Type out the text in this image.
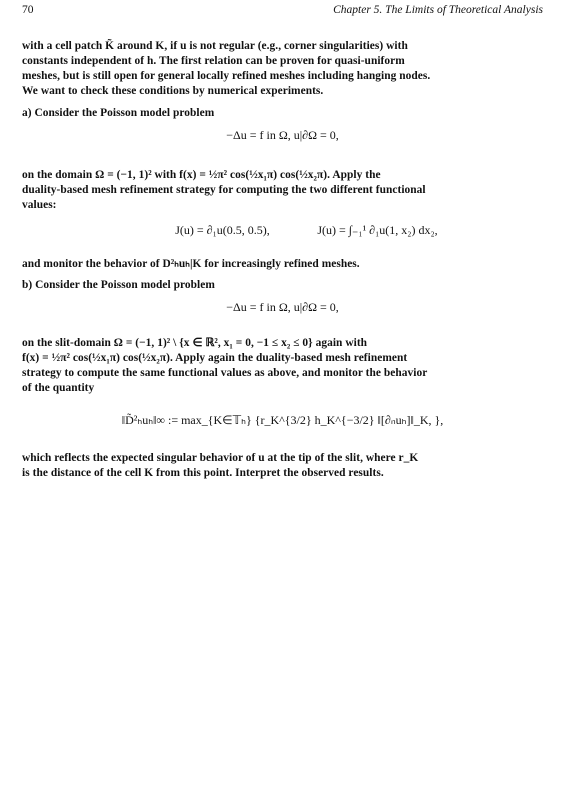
70	Chapter 5. The Limits of Theoretical Analysis
with a cell patch K̃ around K, if u is not regular (e.g., corner singularities) with
constants independent of h. The first relation can be proven for quasi-uniform
meshes, but is still open for general locally refined meshes including hanging nodes.
We want to check these conditions by numerical experiments.
a) Consider the Poisson model problem
−Δu = f in Ω, u|∂Ω = 0,
on the domain Ω = (−1, 1)² with f(x) = ½π² cos(½x₁π) cos(½x₂π). Apply the
duality-based mesh refinement strategy for computing the two different functional
values:
J(u) = ∂₁u(0.5, 0.5),	J(u) = ∫₋₁¹ ∂₁u(1, x₂) dx₂,
and monitor the behavior of D²ₕuₕ|K for increasingly refined meshes.
b) Consider the Poisson model problem
−Δu = f in Ω, u|∂Ω = 0,
on the slit-domain Ω = (−1, 1)² \ {x ∈ ℝ², x₁ = 0, −1 ≤ x₂ ≤ 0} again with
f(x) = ½π² cos(½x₁π) cos(½x₂π). Apply again the duality-based mesh refinement
strategy to compute the same functional values as above, and monitor the behavior
of the quantity
‖D̃²ₕuₕ‖∞ := max_{K∈𝕋ₕ} {r_K^{3/2} h_K^{−3/2} ‖[∂ₙuₕ]‖_K, },
which reflects the expected singular behavior of u at the tip of the slit, where r_K
is the distance of the cell K from this point. Interpret the observed results.
